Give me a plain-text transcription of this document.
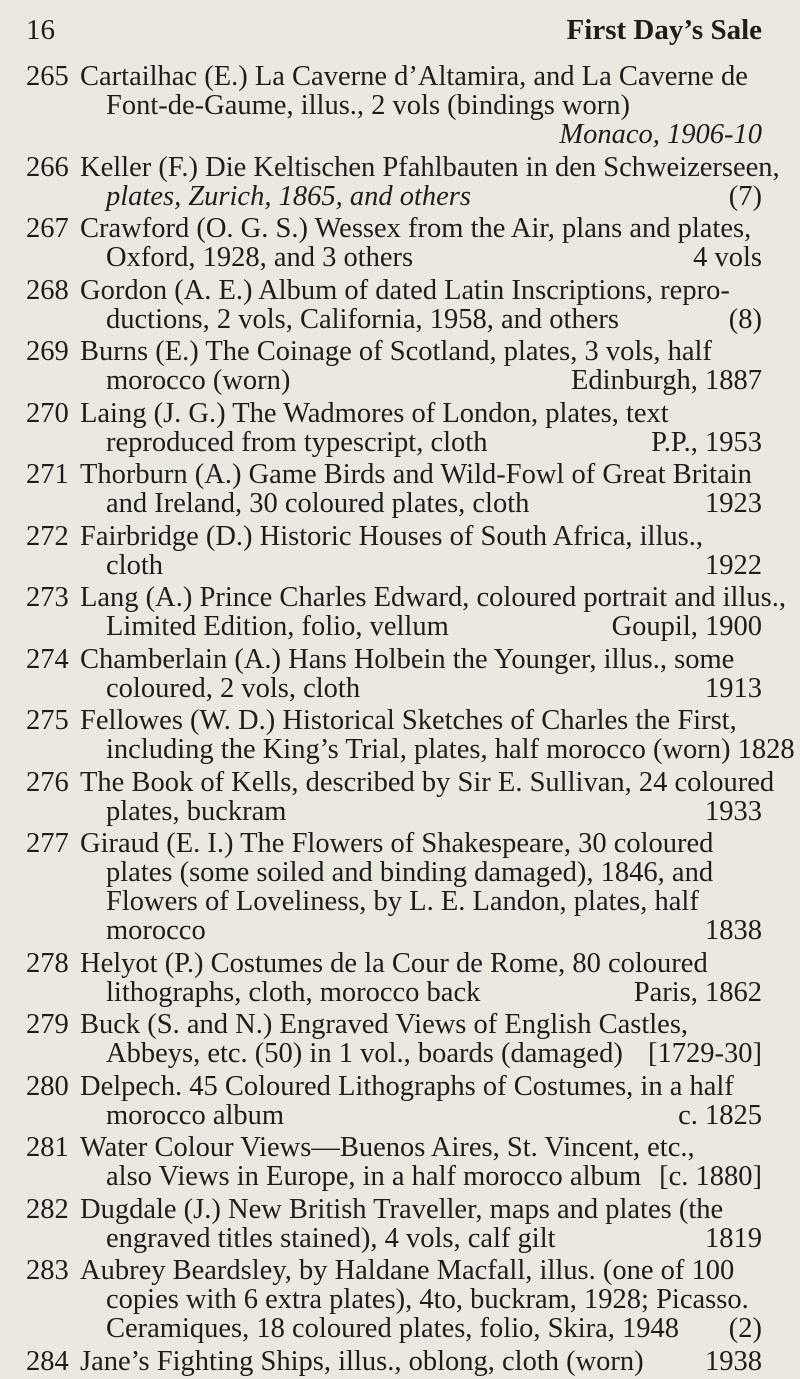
16	First Day’s Sale
265 Cartailhac (E.) La Caverne d’Altamira, and La Caverne de
Font-de-Gaume, illus., 2 vols (bindings worn)
Monaco, 1906-10
266 Keller (F.) Die Keltischen Pfahlbauten in den Schweizerseen,
plates, Zurich, 1865, and others	(7)
267 Crawford (O. G. S.) Wessex from the Air, plans and plates,
Oxford, 1928, and 3 others	4 vols
268 Gordon (A. E.) Album of dated Latin Inscriptions, repro-
ductions, 2 vols, California, 1958, and others	(8)
269 Burns (E.) The Coinage of Scotland, plates, 3 vols, half
morocco (worn)	Edinburgh, 1887
270 Laing (J. G.) The Wadmores of London, plates, text
reproduced from typescript, cloth	P.P., 1953
271 Thorburn (A.) Game Birds and Wild-Fowl of Great Britain
and Ireland, 30 coloured plates, cloth	1923
272 Fairbridge (D.) Historic Houses of South Africa, illus.,
cloth	1922
273 Lang (A.) Prince Charles Edward, coloured portrait and illus.,
Limited Edition, folio, vellum	Goupil, 1900
274 Chamberlain (A.) Hans Holbein the Younger, illus., some
coloured, 2 vols, cloth	1913
275 Fellowes (W. D.) Historical Sketches of Charles the First,
including the King’s Trial, plates, half morocco (worn) 1828
276 The Book of Kells, described by Sir E. Sullivan, 24 coloured
plates, buckram	1933
277 Giraud (E. I.) The Flowers of Shakespeare, 30 coloured
plates (some soiled and binding damaged), 1846, and
Flowers of Loveliness, by L. E. Landon, plates, half
morocco	1838
278 Helyot (P.) Costumes de la Cour de Rome, 80 coloured
lithographs, cloth, morocco back	Paris, 1862
279 Buck (S. and N.) Engraved Views of English Castles,
Abbeys, etc. (50) in 1 vol., boards (damaged) [1729-30]
280 Delpech. 45 Coloured Lithographs of Costumes, in a half
morocco album	c. 1825
281 Water Colour Views—Buenos Aires, St. Vincent, etc.,
also Views in Europe, in a half morocco album [c. 1880]
282 Dugdale (J.) New British Traveller, maps and plates (the
engraved titles stained), 4 vols, calf gilt	1819
283 Aubrey Beardsley, by Haldane Macfall, illus. (one of 100
copies with 6 extra plates), 4to, buckram, 1928; Picasso.
Ceramiques, 18 coloured plates, folio, Skira, 1948 (2)
284 Jane’s Fighting Ships, illus., oblong, cloth (worn) 1938
